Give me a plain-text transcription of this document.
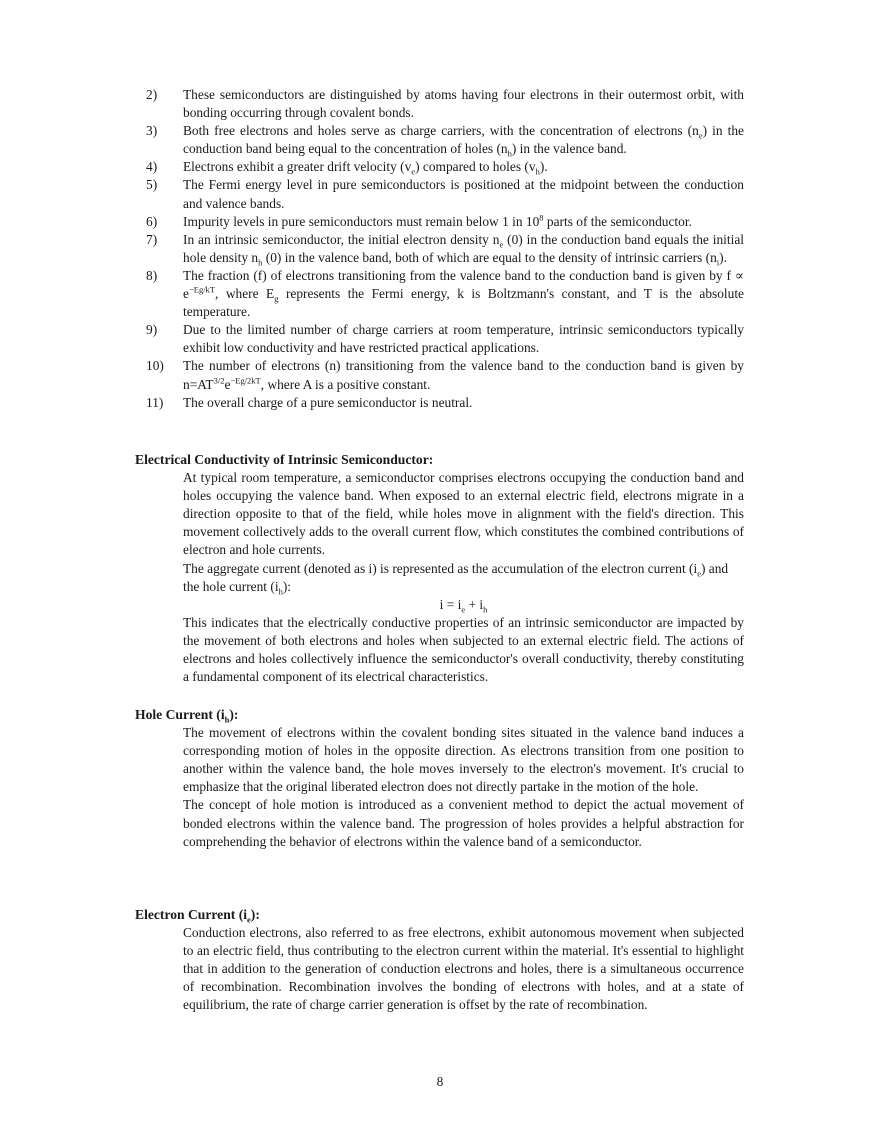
2) These semiconductors are distinguished by atoms having four electrons in their outermost orbit, with bonding occurring through covalent bonds.
3) Both free electrons and holes serve as charge carriers, with the concentration of electrons $(n_e)$ in the conduction band being equal to the concentration of holes $(n_h)$ in the valence band.
4) Electrons exhibit a greater drift velocity $(v_e)$ compared to holes $(v_h)$.
5) The Fermi energy level in pure semiconductors is positioned at the midpoint between the conduction and valence bands.
6) Impurity levels in pure semiconductors must remain below 1 in $10^8$ parts of the semiconductor.
7) In an intrinsic semiconductor, the initial electron density $n_e$ (0) in the conduction band equals the initial hole density $n_h$ (0) in the valence band, both of which are equal to the density of intrinsic carriers $(n_i)$.
8) The fraction (f) of electrons transitioning from the valence band to the conduction band is given by $f \propto e^{-Eg/kT}$, where $E_g$ represents the Fermi energy, k is Boltzmann's constant, and T is the absolute temperature.
9) Due to the limited number of charge carriers at room temperature, intrinsic semiconductors typically exhibit low conductivity and have restricted practical applications.
10) The number of electrons (n) transitioning from the valence band to the conduction band is given by $n=AT^{3/2}e^{-Eg/2kT}$, where A is a positive constant.
11) The overall charge of a pure semiconductor is neutral.
Electrical Conductivity of Intrinsic Semiconductor:

At typical room temperature, a semiconductor comprises electrons occupying the conduction band and holes occupying the valence band. When exposed to an external electric field, electrons migrate in a direction opposite to that of the field, while holes move in alignment with the field's direction. This movement collectively adds to the overall current flow, which constitutes the combined contributions of electron and hole currents.

The aggregate current (denoted as i) is represented as the accumulation of the electron current $(i_e)$ and the hole current $(i_h)$:

$i = i_e + i_h$

This indicates that the electrically conductive properties of an intrinsic semiconductor are impacted by the movement of both electrons and holes when subjected to an external electric field. The actions of electrons and holes collectively influence the semiconductor's overall conductivity, thereby constituting a fundamental component of its electrical characteristics.

Hole Current $(i_h)$:

The movement of electrons within the covalent bonding sites situated in the valence band induces a corresponding motion of holes in the opposite direction. As electrons transition from one position to another within the valence band, the hole moves inversely to the electron's movement. It's crucial to emphasize that the original liberated electron does not directly partake in the motion of the hole.

The concept of hole motion is introduced as a convenient method to depict the actual movement of bonded electrons within the valence band. The progression of holes provides a helpful abstraction for comprehending the behavior of electrons within the valence band of a semiconductor.

Electron Current $(i_e)$:

Conduction electrons, also referred to as free electrons, exhibit autonomous movement when subjected to an electric field, thus contributing to the electron current within the material. It's essential to highlight that in addition to the generation of conduction electrons and holes, there is a simultaneous occurrence of recombination. Recombination involves the bonding of electrons with holes, and at a state of equilibrium, the rate of charge carrier generation is offset by the rate of recombination.

8
